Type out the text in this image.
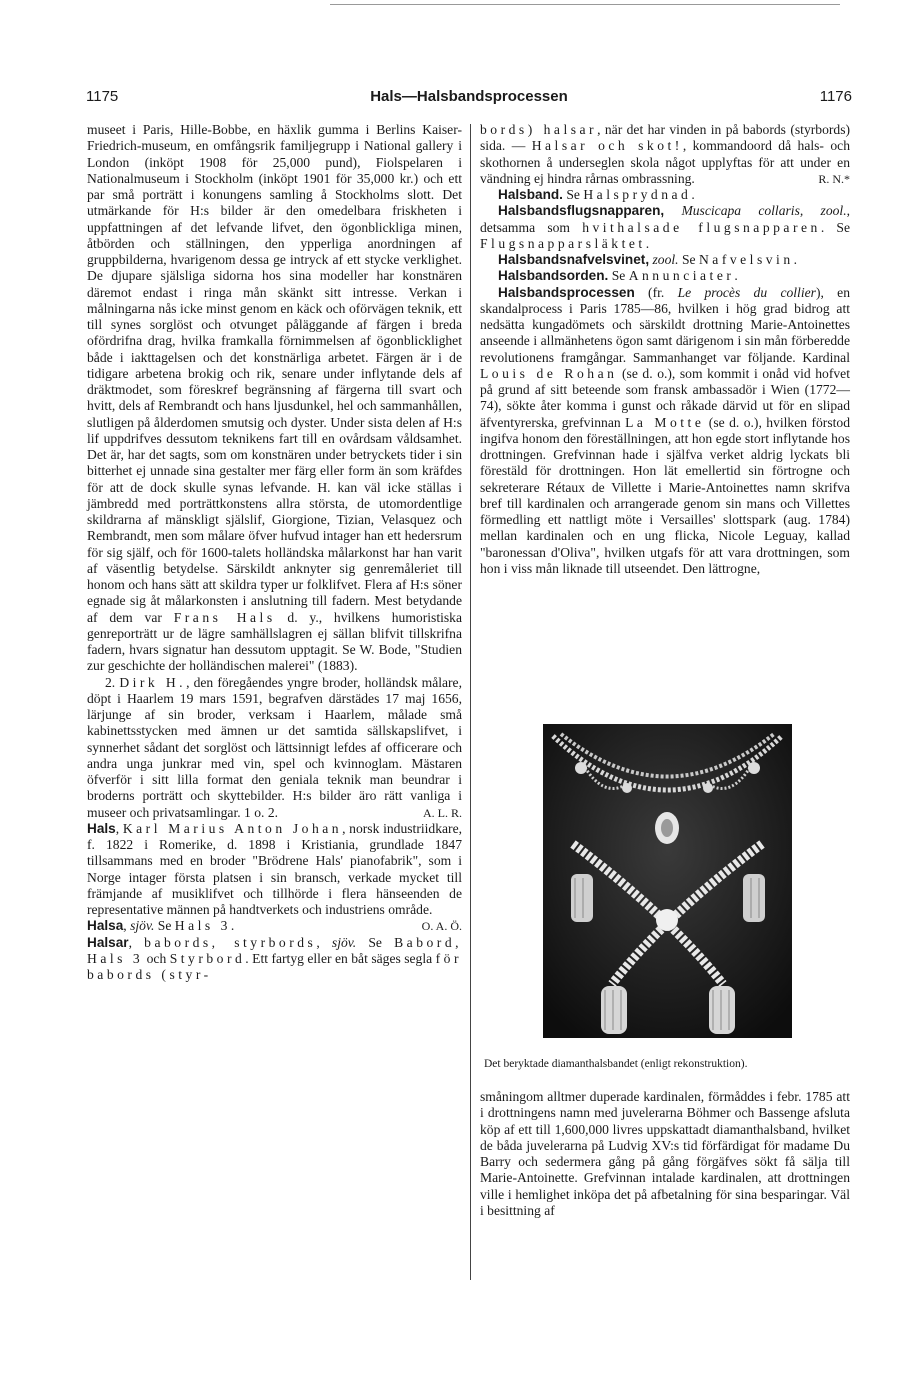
1175	Hals—Halsbandsprocessen	1176

museet i Paris, Hille-Bobbe, en häxlik gumma i Berlins Kaiser-Friedrich-museum, en omfångsrik familjegrupp i National gallery i London (inköpt 1908 för 25,000 pund), Fiolspelaren i Nationalmuseum i Stockholm (inköpt 1901 för 35,000 kr.) och ett par små porträtt i konungens samling å Stockholms slott. Det utmärkande för H:s bilder är den omedelbara friskheten i uppfattningen af det lefvande lifvet, den ögonblickliga minen, åtbörden och ställningen, den ypperliga anordningen af gruppbilderna, hvarigenom dessa ge intryck af ett stycke verklighet. De djupare själsliga sidorna hos sina modeller har konstnären däremot endast i ringa mån skänkt sitt intresse. Verkan i målningarna nås icke minst genom en käck och oförvägen teknik, ett till synes sorglöst och otvunget påläggande af färgen i breda ofördrifna drag, hvilka framkalla förnimmelsen af ögonblicklighet både i iakttagelsen och det konstnärliga arbetet. Färgen är i de tidigare arbetena brokig och rik, senare under inflytande dels af dräktmodet, som föreskref begränsning af färgerna till svart och hvitt, dels af Rembrandt och hans ljusdunkel, hel och sammanhållen, slutligen på ålderdomen smutsig och dyster. Under sista delen af H:s lif uppdrifves dessutom teknikens fart till en ovårdsam våldsamhet. Det är, har det sagts, som om konstnären under betryckets tider i sin bitterhet ej unnade sina gestalter mer färg eller form än som kräfdes för att de dock skulle synas lefvande. H. kan väl icke ställas i jämbredd med porträttkonstens allra största, de utomordentlige skildrarna af mänskligt själslif, Giorgione, Tizian, Velasquez och Rembrandt, men som målare öfver hufvud intager han ett hedersrum för sig själf, och för 1600-talets holländska målarkonst har han varit af väsentlig betydelse. Särskildt anknyter sig genremåleriet till honom och hans sätt att skildra typer ur folklifvet. Flera af H:s söner egnade sig åt målarkonsten i anslutning till fadern. Mest betydande af dem var Frans Hals d. y., hvilkens humoristiska genreporträtt ur de lägre samhällslagren ej sällan blifvit tillskrifna fadern, hvars signatur han dessutom upptagit. Se W. Bode, "Studien zur geschichte der holländischen malerei" (1883).

2. Dirk H., den föregåendes yngre broder, holländsk målare, döpt i Haarlem 19 mars 1591, begrafven därstädes 17 maj 1656, lärjunge af sin broder, verksam i Haarlem, målade små kabinettsstycken med ämnen ur det samtida sällskapslifvet, i synnerhet sådant det sorglöst och lättsinnigt lefdes af officerare och andra unga junkrar med vin, spel och kvinnoglam. Mästaren öfverför i sitt lilla format den geniala teknik man beundrar i broderns porträtt och skyttebilder. H:s bilder äro rätt vanliga i museer och privatsamlingar. 1 o. 2.	A. L. R.

Hals, Karl Marius Anton Johan, norsk industriidkare, f. 1822 i Romerike, d. 1898 i Kristiania, grundlade 1847 tillsammans med en broder "Brödrene Hals' pianofabrik", som i Norge intager första platsen i sin bransch, verkade mycket till främjande af musiklifvet och tillhörde i flera hänseenden de representative männen på handtverkets och industriens område.
O. A. Ö.

Halsa, sjöv. Se Hals 3.

Halsar, babords, styrbords, sjöv. Se Babord, Hals 3 och Styrbord. Ett fartyg eller en båt säges segla för babords (styr-

bords) halsar, när det har vinden in på babords (styrbords) sida. — Halsar och skot!, kommandoord då hals- och skothornen å underseglen skola något upplyftas för att under en vändning ej hindra rårnas ombrassning.	R. N.*

Halsband. Se Halsprydnad.

Halsbandsflugsnapparen, Muscicapa collaris, zool., detsamma som hvithalsade flugsnapparen. Se Flugsnapparsläktet.

Halsbandsnafvelsvinet, zool. Se Nafvelsvin.

Halsbandsorden. Se Annunciater.

Halsbandsprocessen (fr. Le procès du collier), en skandalprocess i Paris 1785—86, hvilken i hög grad bidrog att nedsätta kungadömets och särskildt drottning Marie-Antoinettes anseende i allmänhetens ögon samt därigenom i sin mån förberedde revolutionens framgångar. Sammanhanget var följande. Kardinal Louis de Rohan (se d. o.), som kommit i onåd vid hofvet på grund af sitt beteende som fransk ambassadör i Wien (1772—74), sökte åter komma i gunst och råkade därvid ut för en slipad äfventyrerska, grefvinnan La Motte (se d. o.), hvilken förstod ingifva honom den föreställningen, att hon egde stort inflytande hos drottningen. Grefvinnan hade i själfva verket aldrig lyckats bli förestäld för drottningen. Hon lät emellertid sin förtrogne och sekreterare Rétaux de Villette i Marie-Antoinettes namn skrifva bref till kardinalen och arrangerade genom sin mans och Villettes förmedling ett nattligt möte i Versailles' slottspark (aug. 1784) mellan kardinalen och en ung flicka, Nicole Leguay, kallad "baronessan d'Oliva", hvilken utgafs för att vara drottningen, som hon i viss mån liknade till utseendet. Den lättrogne,

Det beryktade diamanthalsbandet (enligt rekonstruktion).

småningom alltmer duperade kardinalen, förmåddes i febr. 1785 att i drottningens namn med juvelerarna Böhmer och Bassenge afsluta köp af ett till 1,600,000 livres uppskattadt diamanthalsband, hvilket de båda juvelerarna på Ludvig XV:s tid förfärdigat för madame Du Barry och sedermera gång på gång förgäfves sökt få sälja till Marie-Antoinette. Grefvinnan intalade kardinalen, att drottningen ville i hemlighet inköpa det på afbetalning för sina besparingar. Väl i besittning af
